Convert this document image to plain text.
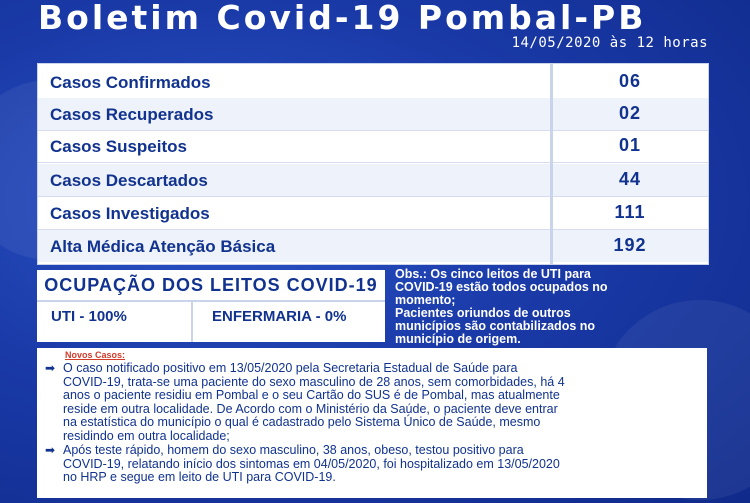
Boletim Covid-19 Pombal-PB
14/05/2020 às 12 horas
Casos Confirmados	06
Casos Recuperados	02
Casos Suspeitos	01
Casos Descartados	44
Casos Investigados	111
Alta Médica Atenção Básica	192
OCUPAÇÃO DOS LEITOS COVID-19
UTI - 100%	ENFERMARIA - 0%
Obs.: Os cinco leitos de UTI para
COVID-19 estão todos ocupados no
momento;
Pacientes oriundos de outros
municípios são contabilizados no
município de origem.
Novos Casos:
➡ O caso notificado positivo em 13/05/2020 pela Secretaria Estadual de Saúde para
COVID-19, trata-se uma paciente do sexo masculino de 28 anos, sem comorbidades, há 4
anos o paciente residiu em Pombal e o seu Cartão do SUS é de Pombal, mas atualmente
reside em outra localidade. De Acordo com o Ministério da Saúde, o paciente deve entrar
na estatística do município o qual é cadastrado pelo Sistema Único de Saúde, mesmo
residindo em outra localidade;
➡ Após teste rápido, homem do sexo masculino, 38 anos, obeso, testou positivo para
COVID-19, relatando início dos sintomas em 04/05/2020, foi hospitalizado em 13/05/2020
no HRP e segue em leito de UTI para COVID-19.
